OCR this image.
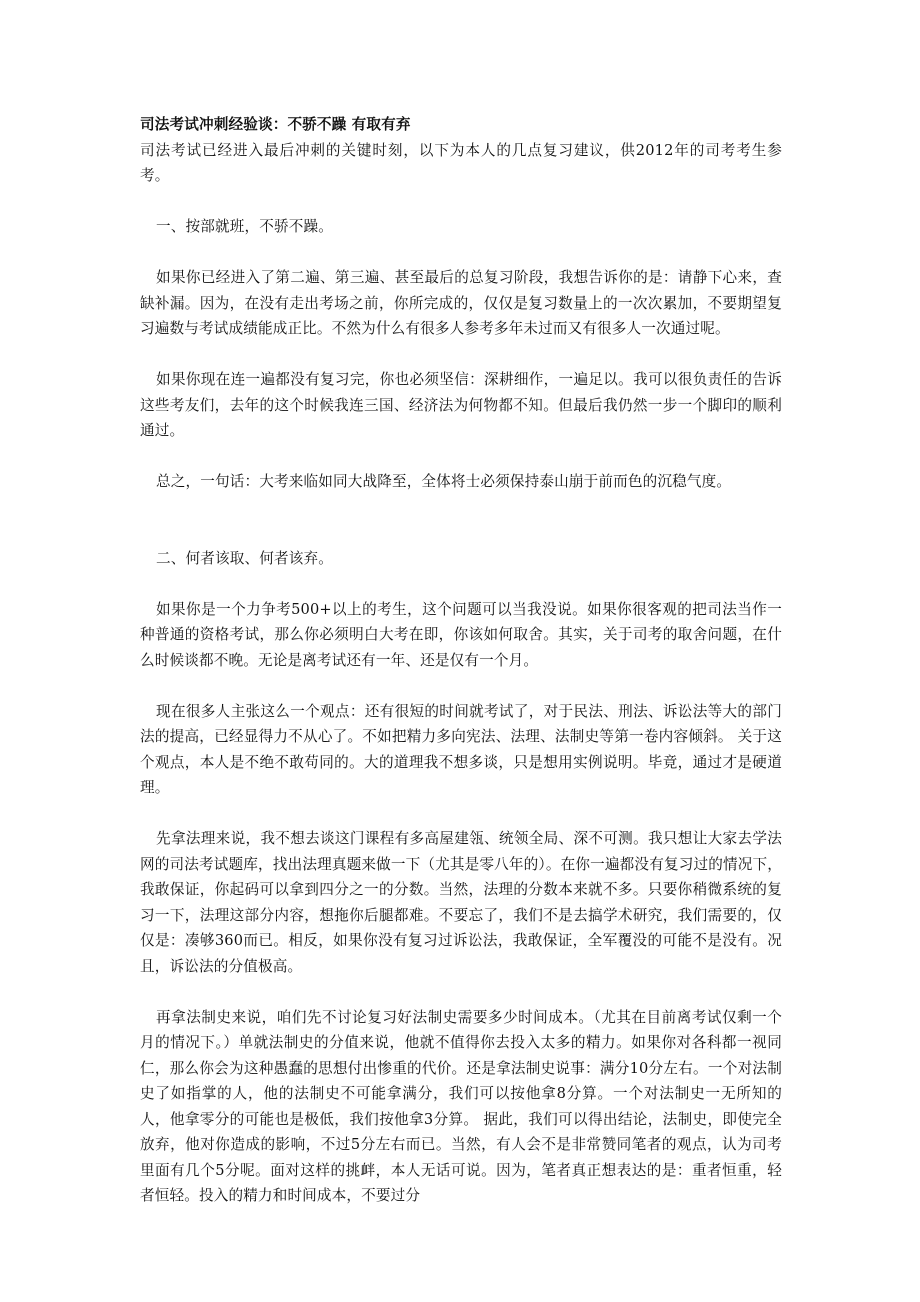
司法考试冲刺经验谈：不骄不躁 有取有弃

司法考试已经进入最后冲刺的关键时刻，以下为本人的几点复习建议，供2012年的司考考生参考。

一、按部就班，不骄不躁。

如果你已经进入了第二遍、第三遍、甚至最后的总复习阶段，我想告诉你的是：请静下心来，查缺补漏。因为，在没有走出考场之前，你所完成的，仅仅是复习数量上的一次次累加，不要期望复习遍数与考试成绩能成正比。不然为什么有很多人参考多年未过而又有很多人一次通过呢。

如果你现在连一遍都没有复习完，你也必须坚信：深耕细作，一遍足以。我可以很负责任的告诉这些考友们，去年的这个时候我连三国、经济法为何物都不知。但最后我仍然一步一个脚印的顺利通过。

总之，一句话：大考来临如同大战降至，全体将士必须保持泰山崩于前而色的沉稳气度。

二、何者该取、何者该弃。

如果你是一个力争考500+以上的考生，这个问题可以当我没说。如果你很客观的把司法当作一种普通的资格考试，那么你必须明白大考在即，你该如何取舍。其实，关于司考的取舍问题，在什么时候谈都不晚。无论是离考试还有一年、还是仅有一个月。

现在很多人主张这么一个观点：还有很短的时间就考试了，对于民法、刑法、诉讼法等大的部门法的提高，已经显得力不从心了。不如把精力多向宪法、法理、法制史等第一卷内容倾斜。 关于这个观点，本人是不绝不敢苟同的。大的道理我不想多谈，只是想用实例说明。毕竟，通过才是硬道理。

先拿法理来说，我不想去谈这门课程有多高屋建瓴、统领全局、深不可测。我只想让大家去学法网的司法考试题库，找出法理真题来做一下（尤其是零八年的）。在你一遍都没有复习过的情况下，我敢保证，你起码可以拿到四分之一的分数。当然，法理的分数本来就不多。只要你稍微系统的复习一下，法理这部分内容，想拖你后腿都难。不要忘了，我们不是去搞学术研究，我们需要的，仅仅是：凑够360而已。相反，如果你没有复习过诉讼法，我敢保证，全军覆没的可能不是没有。况且，诉讼法的分值极高。

再拿法制史来说，咱们先不讨论复习好法制史需要多少时间成本。（尤其在目前离考试仅剩一个月的情况下。）单就法制史的分值来说，他就不值得你去投入太多的精力。如果你对各科都一视同仁，那么你会为这种愚蠢的思想付出惨重的代价。还是拿法制史说事：满分10分左右。一个对法制史了如指掌的人，他的法制史不可能拿满分，我们可以按他拿8分算。一个对法制史一无所知的人，他拿零分的可能也是极低，我们按他拿3分算。 据此，我们可以得出结论，法制史，即使完全放弃，他对你造成的影响，不过5分左右而已。当然，有人会不是非常赞同笔者的观点，认为司考里面有几个5分呢。面对这样的挑衅，本人无话可说。因为，笔者真正想表达的是：重者恒重，轻者恒轻。投入的精力和时间成本，不要过分
